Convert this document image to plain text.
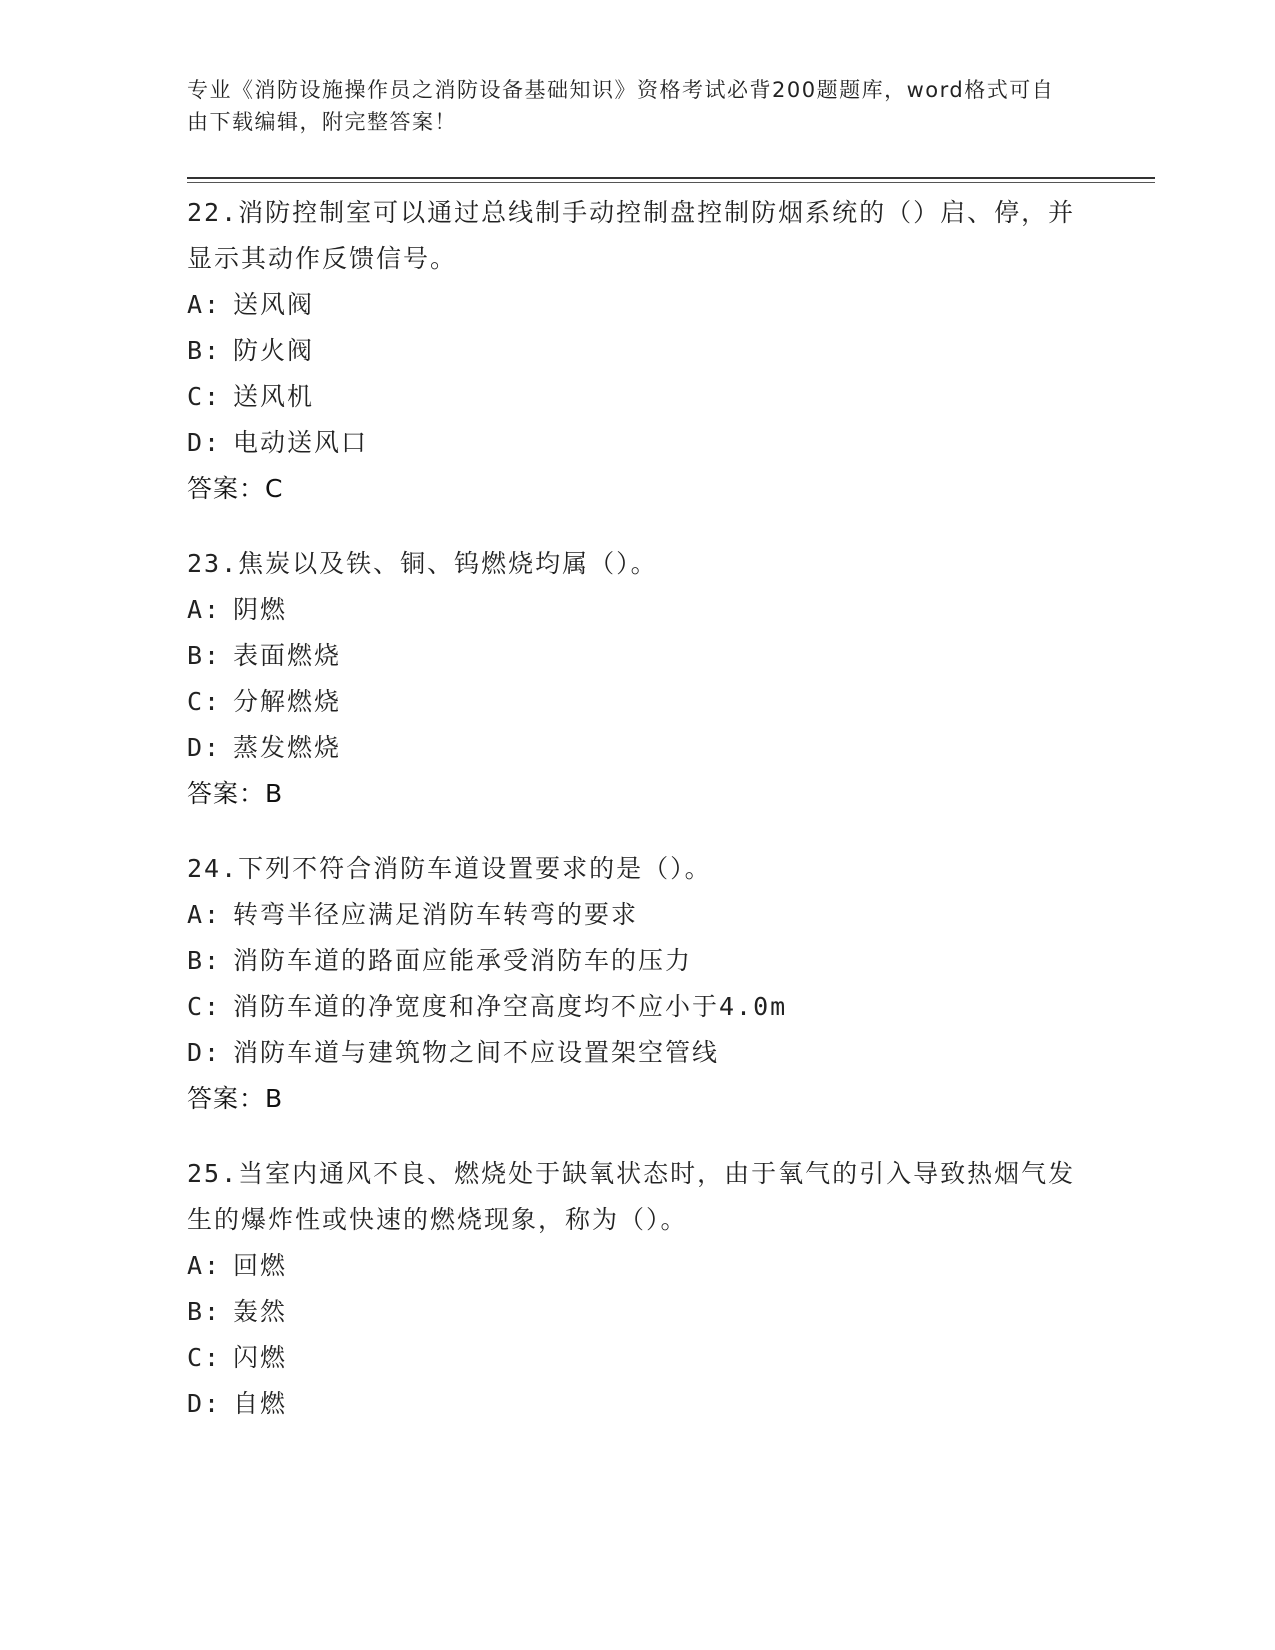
专业《消防设施操作员之消防设备基础知识》资格考试必背200题题库，word格式可自由下载编辑，附完整答案！

22.消防控制室可以通过总线制手动控制盘控制防烟系统的（）启、停，并显示其动作反馈信号。

A: 送风阀
B: 防火阀
C: 送风机
D: 电动送风口

答案：C

23.焦炭以及铁、铜、钨燃烧均属（）。

A: 阴燃
B: 表面燃烧
C: 分解燃烧
D: 蒸发燃烧

答案：B

24.下列不符合消防车道设置要求的是（）。

A: 转弯半径应满足消防车转弯的要求
B: 消防车道的路面应能承受消防车的压力
C: 消防车道的净宽度和净空高度均不应小于4.0m
D: 消防车道与建筑物之间不应设置架空管线

答案：B

25.当室内通风不良、燃烧处于缺氧状态时，由于氧气的引入导致热烟气发生的爆炸性或快速的燃烧现象，称为（）。

A: 回燃
B: 轰然
C: 闪燃
D: 自燃
